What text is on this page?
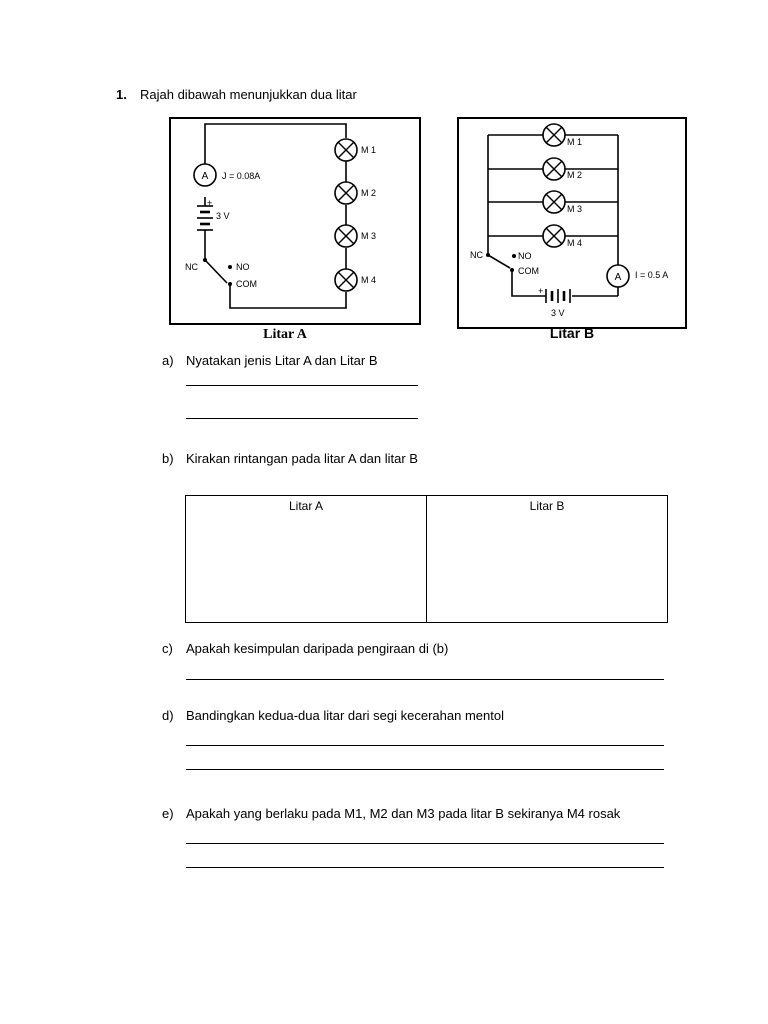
1. Rajah dibawah menunjukkan dua litar
A J = 0.08A
+
3 V
NC	NO
COM
M 1
M 2
M 3
M 4
Litar A
NC	NO
COM
A I = 0.5 A
+
3 V
M 1
M 2
M 3
M 4
Litar B
a) Nyatakan jenis Litar A dan Litar B
b) Kirakan rintangan pada litar A dan litar B
Litar A	Litar B
c) Apakah kesimpulan daripada pengiraan di (b)
d) Bandingkan kedua-dua litar dari segi kecerahan mentol
e) Apakah yang berlaku pada M1, M2 dan M3 pada litar B sekiranya M4 rosak
